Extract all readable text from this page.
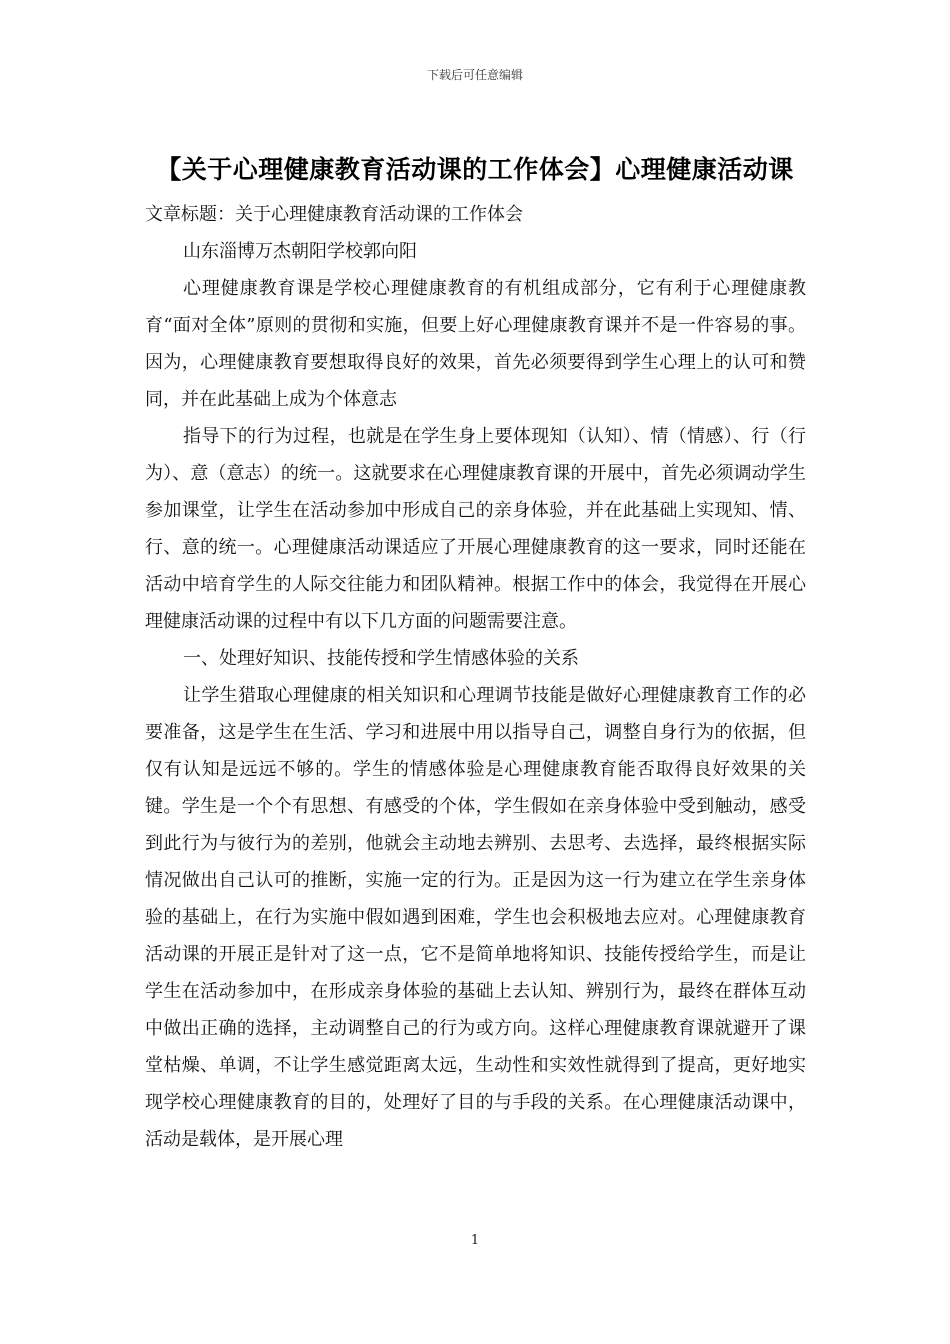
下载后可任意编辑
【关于心理健康教育活动课的工作体会】心理健康活动课

文章标题：关于心理健康教育活动课的工作体会

山东淄博万杰朝阳学校郭向阳

心理健康教育课是学校心理健康教育的有机组成部分，它有利于心理健康教育“面对全体”原则的贯彻和实施，但要上好心理健康教育课并不是一件容易的事。因为，心理健康教育要想取得良好的效果，首先必须要得到学生心理上的认可和赞同，并在此基础上成为个体意志

指导下的行为过程，也就是在学生身上要体现知（认知）、情（情感）、行（行为）、意（意志）的统一。这就要求在心理健康教育课的开展中，首先必须调动学生参加课堂，让学生在活动参加中形成自己的亲身体验，并在此基础上实现知、情、行、意的统一。心理健康活动课适应了开展心理健康教育的这一要求，同时还能在活动中培育学生的人际交往能力和团队精神。根据工作中的体会，我觉得在开展心理健康活动课的过程中有以下几方面的问题需要注意。

一、处理好知识、技能传授和学生情感体验的关系

让学生猎取心理健康的相关知识和心理调节技能是做好心理健康教育工作的必要准备，这是学生在生活、学习和进展中用以指导自己，调整自身行为的依据，但仅有认知是远远不够的。学生的情感体验是心理健康教育能否取得良好效果的关键。学生是一个个有思想、有感受的个体，学生假如在亲身体验中受到触动，感受到此行为与彼行为的差别，他就会主动地去辨别、去思考、去选择，最终根据实际情况做出自己认可的推断，实施一定的行为。正是因为这一行为建立在学生亲身体验的基础上，在行为实施中假如遇到困难，学生也会积极地去应对。心理健康教育活动课的开展正是针对了这一点，它不是简单地将知识、技能传授给学生，而是让学生在活动参加中，在形成亲身体验的基础上去认知、辨别行为，最终在群体互动中做出正确的选择，主动调整自己的行为或方向。这样心理健康教育课就避开了课堂枯燥、单调，不让学生感觉距离太远，生动性和实效性就得到了提高，更好地实现学校心理健康教育的目的，处理好了目的与手段的关系。在心理健康活动课中，活动是载体，是开展心理

1
